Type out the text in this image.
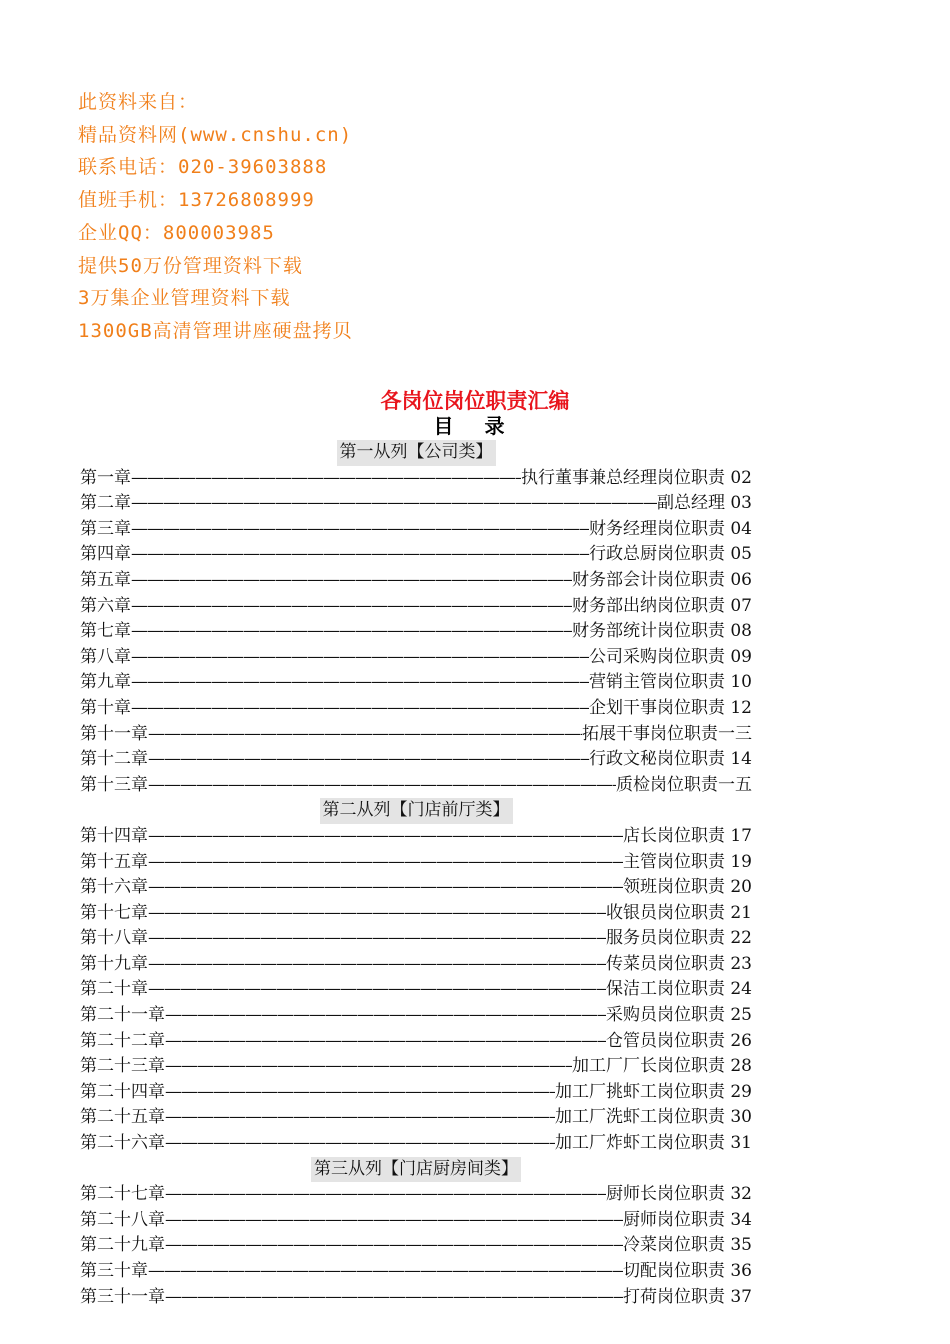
此资料来自：
精品资料网(www.cnshu.cn)
联系电话：020-39603888
值班手机：13726808999
企业QQ：800003985
提供50万份管理资料下载
3万集企业管理资料下载
1300GB高清管理讲座硬盘拷贝
各岗位岗位职责汇编
目 录
第一从列【公司类】
第一章 —————	执行董事兼总经理岗位职责 02
第二章 —————	副总经理 03
第三章 —————	财务经理岗位职责 04
第四章 —————	行政总厨岗位职责 05
第五章 —————	财务部会计岗位职责 06
第六章 —————	财务部出纳岗位职责 07
第七章 —————	财务部统计岗位职责 08
第八章 —————	公司采购岗位职责 09
第九章 —————	营销主管岗位职责 10
第十章 —————	企划干事岗位职责 12
第十一章 —————	拓展干事岗位职责一三
第十二章 —————	行政文秘岗位职责 14
第十三章 —————	质检岗位职责一五
第二从列【门店前厅类】
第十四章 —————	店长岗位职责 17
第十五章 —————	主管岗位职责 19
第十六章 —————	领班岗位职责 20
第十七章 —————	收银员岗位职责 21
第十八章 —————	服务员岗位职责 22
第十九章 —————	传菜员岗位职责 23
第二十章 —————	保洁工岗位职责 24
第二十一章 —————	采购员岗位职责 25
第二十二章 —————	仓管员岗位职责 26
第二十三章 —————	加工厂厂长岗位职责 28
第二十四章 —————	加工厂挑虾工岗位职责 29
第二十五章 —————	加工厂洗虾工岗位职责 30
第二十六章 —————	加工厂炸虾工岗位职责 31
第三从列【门店厨房间类】
第二十七章 —————	厨师长岗位职责 32
第二十八章 —————	厨师岗位职责 34
第二十九章 —————	冷菜岗位职责 35
第三十章 —————	切配岗位职责 36
第三十一章 —————	打荷岗位职责 37
